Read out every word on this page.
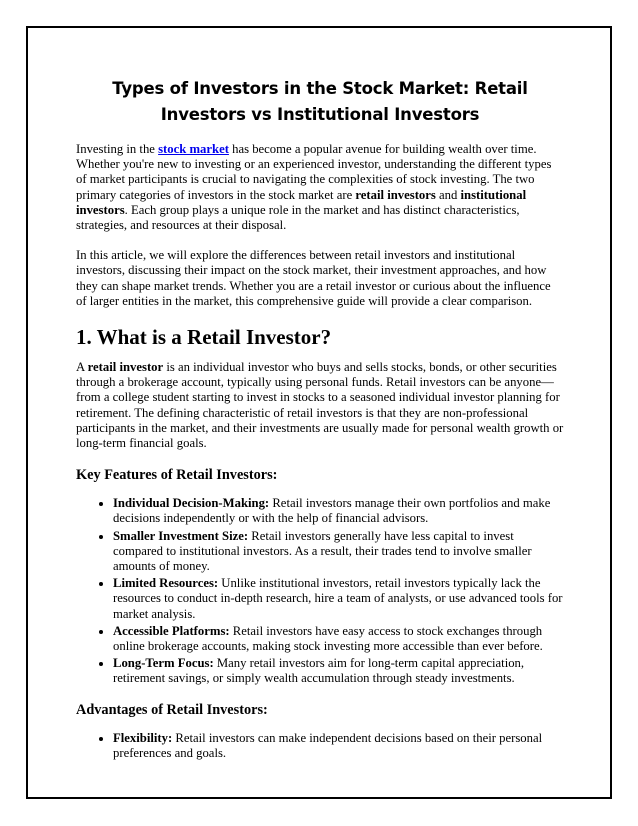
Types of Investors in the Stock Market: Retail Investors vs Institutional Investors

Investing in the stock market has become a popular avenue for building wealth over time. Whether you're new to investing or an experienced investor, understanding the different types of market participants is crucial to navigating the complexities of stock investing. The two primary categories of investors in the stock market are retail investors and institutional investors. Each group plays a unique role in the market and has distinct characteristics, strategies, and resources at their disposal.

In this article, we will explore the differences between retail investors and institutional investors, discussing their impact on the stock market, their investment approaches, and how they can shape market trends. Whether you are a retail investor or curious about the influence of larger entities in the market, this comprehensive guide will provide a clear comparison.

1. What is a Retail Investor?

A retail investor is an individual investor who buys and sells stocks, bonds, or other securities through a brokerage account, typically using personal funds. Retail investors can be anyone—from a college student starting to invest in stocks to a seasoned individual investor planning for retirement. The defining characteristic of retail investors is that they are non-professional participants in the market, and their investments are usually made for personal wealth growth or long-term financial goals.

Key Features of Retail Investors:
• Individual Decision-Making: Retail investors manage their own portfolios and make decisions independently or with the help of financial advisors.
• Smaller Investment Size: Retail investors generally have less capital to invest compared to institutional investors. As a result, their trades tend to involve smaller amounts of money.
• Limited Resources: Unlike institutional investors, retail investors typically lack the resources to conduct in-depth research, hire a team of analysts, or use advanced tools for market analysis.
• Accessible Platforms: Retail investors have easy access to stock exchanges through online brokerage accounts, making stock investing more accessible than ever before.
• Long-Term Focus: Many retail investors aim for long-term capital appreciation, retirement savings, or simply wealth accumulation through steady investments.
Advantages of Retail Investors:
• Flexibility: Retail investors can make independent decisions based on their personal preferences and goals.
